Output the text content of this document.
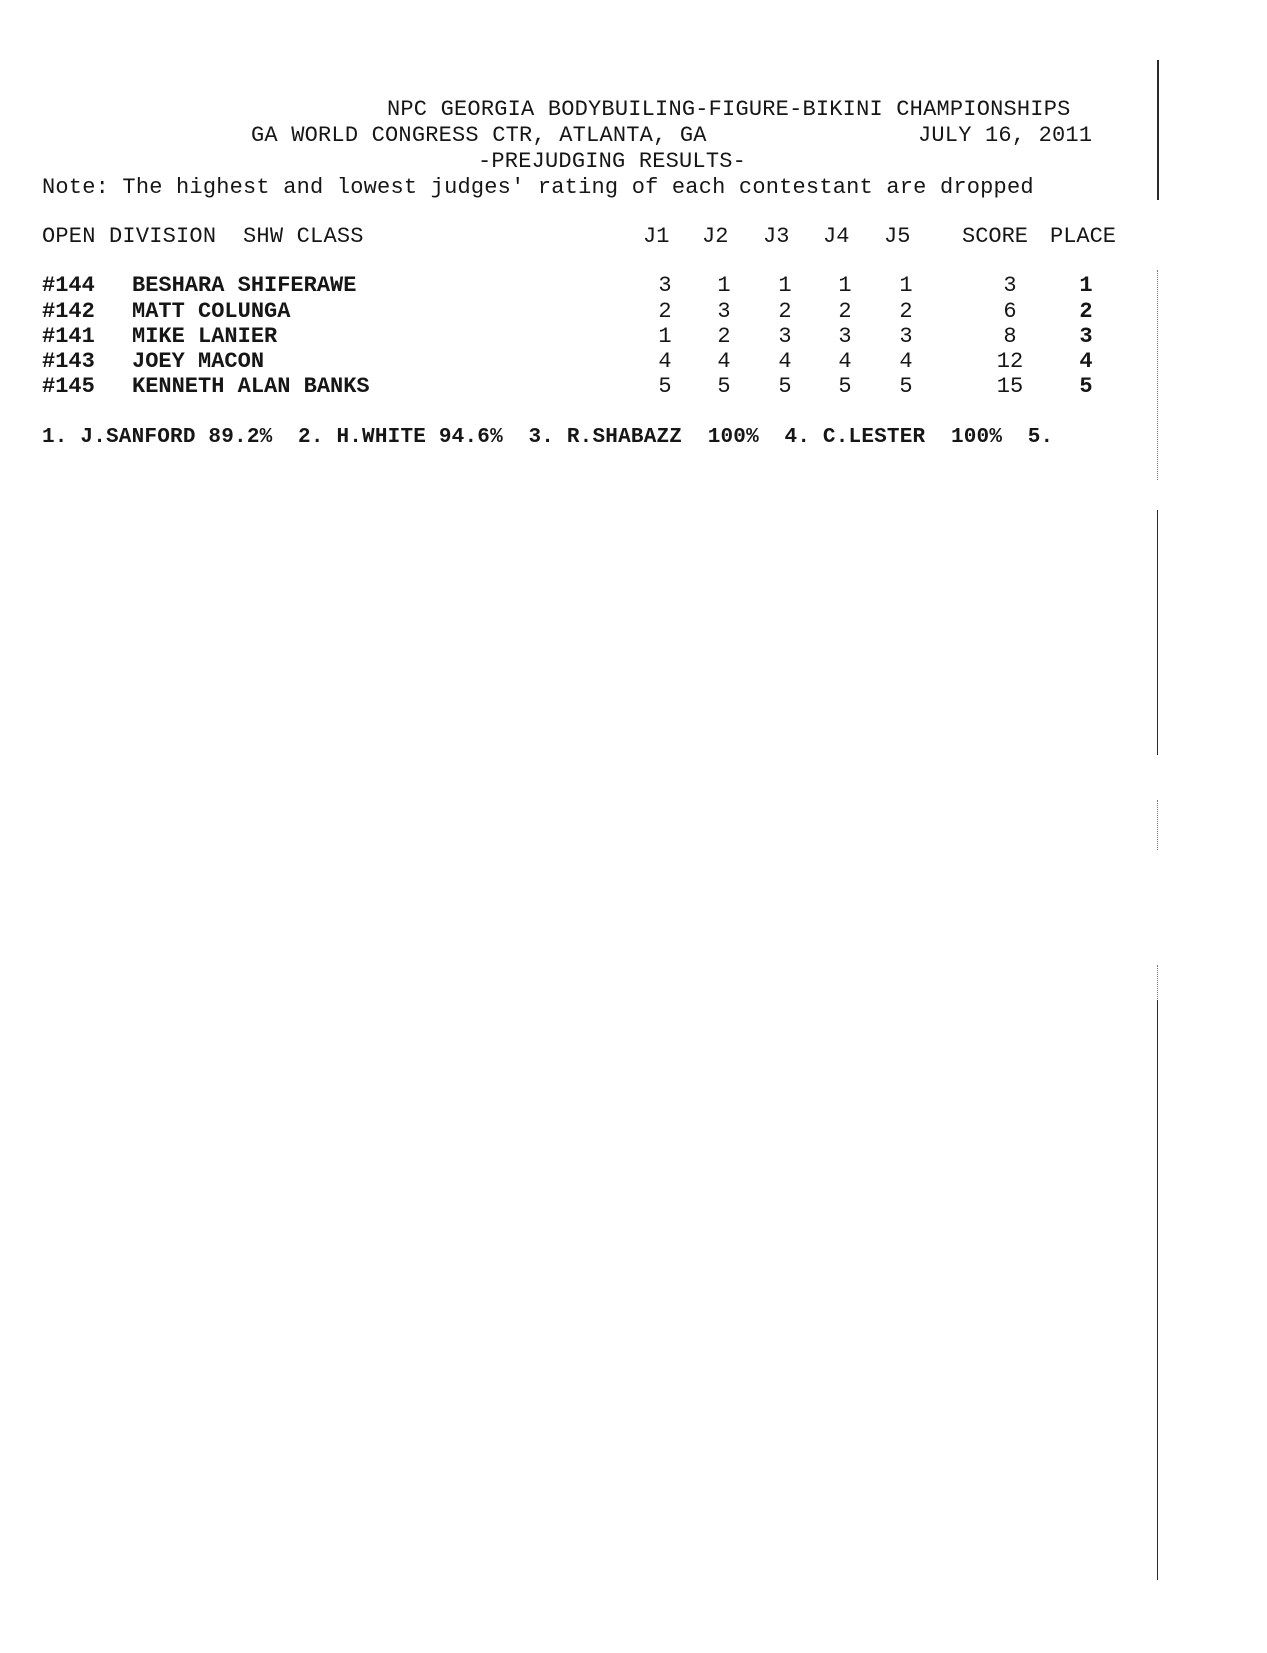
NPC GEORGIA BODYBUILING-FIGURE-BIKINI CHAMPIONSHIPS
GA WORLD CONGRESS CTR, ATLANTA, GA	JULY 16, 2011
-PREJUDGING RESULTS-
Note: The highest and lowest judges' rating of each contestant are dropped
OPEN DIVISION  SHW CLASS	J1 J2 J3 J4 J5 SCORE PLACE
#144 BESHARA SHIFERAWE	3	1	1	1	1	3	1
#142 MATT COLUNGA	2	3	2	2	2	6	2
#141 MIKE LANIER	1	2	3	3	3	8	3
#143 JOEY MACON	4	4	4	4	4	12	4
#145 KENNETH ALAN BANKS	5	5	5	5	5	15	5
1. J.SANFORD 89.2%  2. H.WHITE 94.6%  3. R.SHABAZZ  100%  4. C.LESTER  100%  5.
